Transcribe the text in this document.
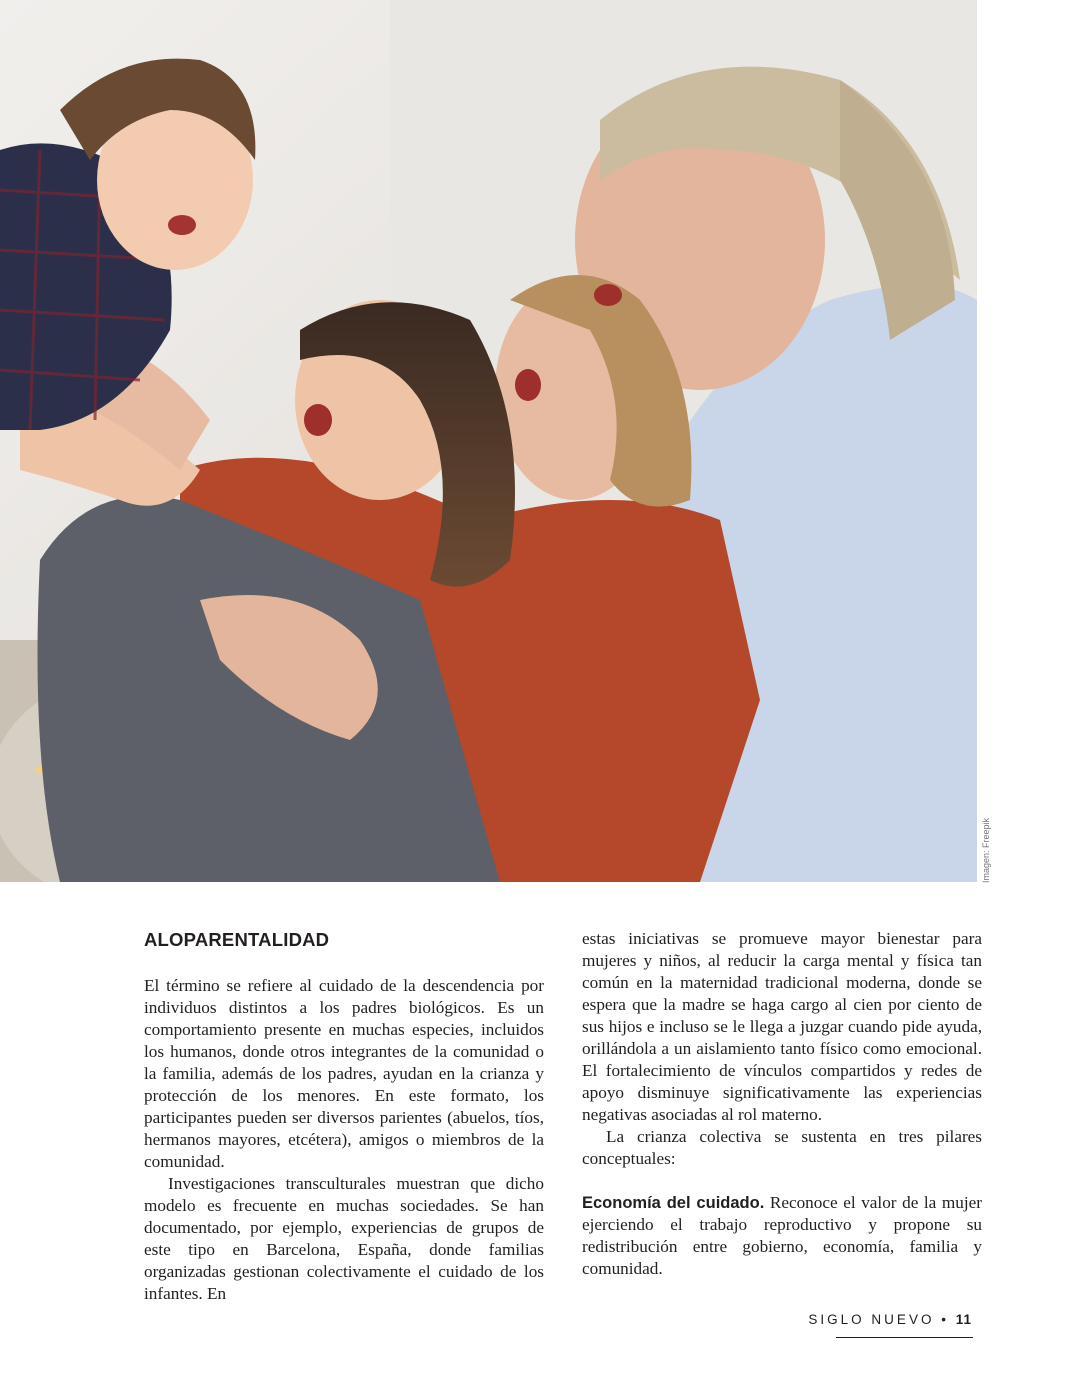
Imagen: Freepik
ALOPARENTALIDAD

El término se refiere al cuidado de la descendencia por individuos distintos a los padres biológicos. Es un comportamiento presente en muchas especies, incluidos los humanos, donde otros integrantes de la comunidad o la familia, además de los padres, ayudan en la crianza y protección de los menores. En este formato, los participantes pueden ser diversos parientes (abuelos, tíos, hermanos mayores, etcétera), amigos o miembros de la comunidad.

Investigaciones transculturales muestran que dicho modelo es frecuente en muchas sociedades. Se han documentado, por ejemplo, experiencias de grupos de este tipo en Barcelona, España, donde familias organizadas gestionan colectivamente el cuidado de los infantes. En

estas iniciativas se promueve mayor bienestar para mujeres y niños, al reducir la carga mental y física tan común en la maternidad tradicional moderna, donde se espera que la madre se haga cargo al cien por ciento de sus hijos e incluso se le llega a juzgar cuando pide ayuda, orillándola a un aislamiento tanto físico como emocional. El fortalecimiento de vínculos compartidos y redes de apoyo disminuye significativamente las experiencias negativas asociadas al rol materno.

La crianza colectiva se sustenta en tres pilares conceptuales:

Economía del cuidado. Reconoce el valor de la mujer ejerciendo el trabajo reproductivo y propone su redistribución entre gobierno, economía, familia y comunidad.

SIGLO NUEVO • 11
